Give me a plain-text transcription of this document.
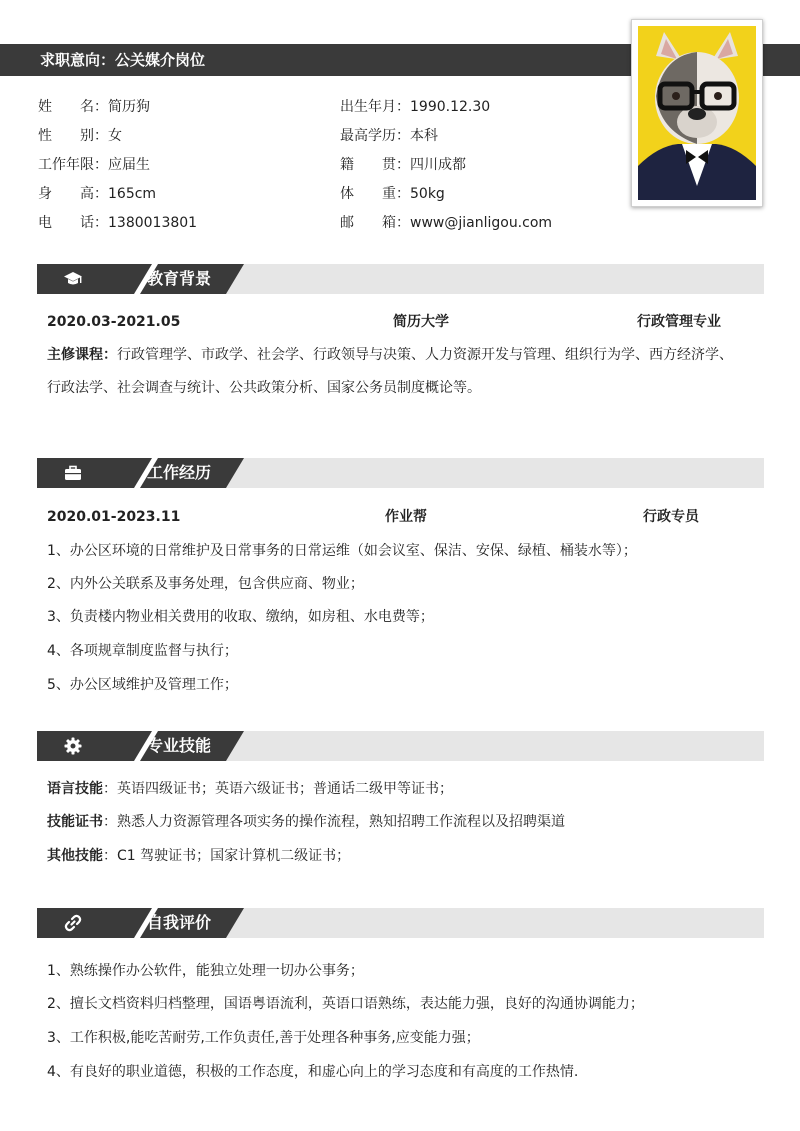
求职意向：公关媒介岗位
姓　　名：简历狗	出生年月：1990.12.30
性　　别：女	最高学历：本科
工作年限：应届生	籍　　贯：四川成都
身　　高：165cm	体　　重：50kg
电　　话：1380013801	邮　　箱：www@jianligou.com
教育背景
2020.03-2021.05	简历大学	行政管理专业
主修课程：行政管理学、市政学、社会学、行政领导与决策、人力资源开发与管理、组织行为学、西方经济学、
行政法学、社会调查与统计、公共政策分析、国家公务员制度概论等。
工作经历
2020.01-2023.11	作业帮	行政专员
1、办公区环境的日常维护及日常事务的日常运维（如会议室、保洁、安保、绿植、桶装水等）；
2、内外公关联系及事务处理，包含供应商、物业；
3、负责楼内物业相关费用的收取、缴纳，如房租、水电费等；
4、各项规章制度监督与执行；
5、办公区域维护及管理工作；
专业技能
语言技能：英语四级证书；英语六级证书；普通话二级甲等证书；
技能证书：熟悉人力资源管理各项实务的操作流程，熟知招聘工作流程以及招聘渠道
其他技能：C1 驾驶证书；国家计算机二级证书；
自我评价
1、熟练操作办公软件，能独立处理一切办公事务；
2、擅长文档资料归档整理，国语粤语流利，英语口语熟练，表达能力强，良好的沟通协调能力；
3、工作积极,能吃苦耐劳,工作负责任,善于处理各种事务,应变能力强；
4、有良好的职业道德，积极的工作态度，和虚心向上的学习态度和有高度的工作热情.
